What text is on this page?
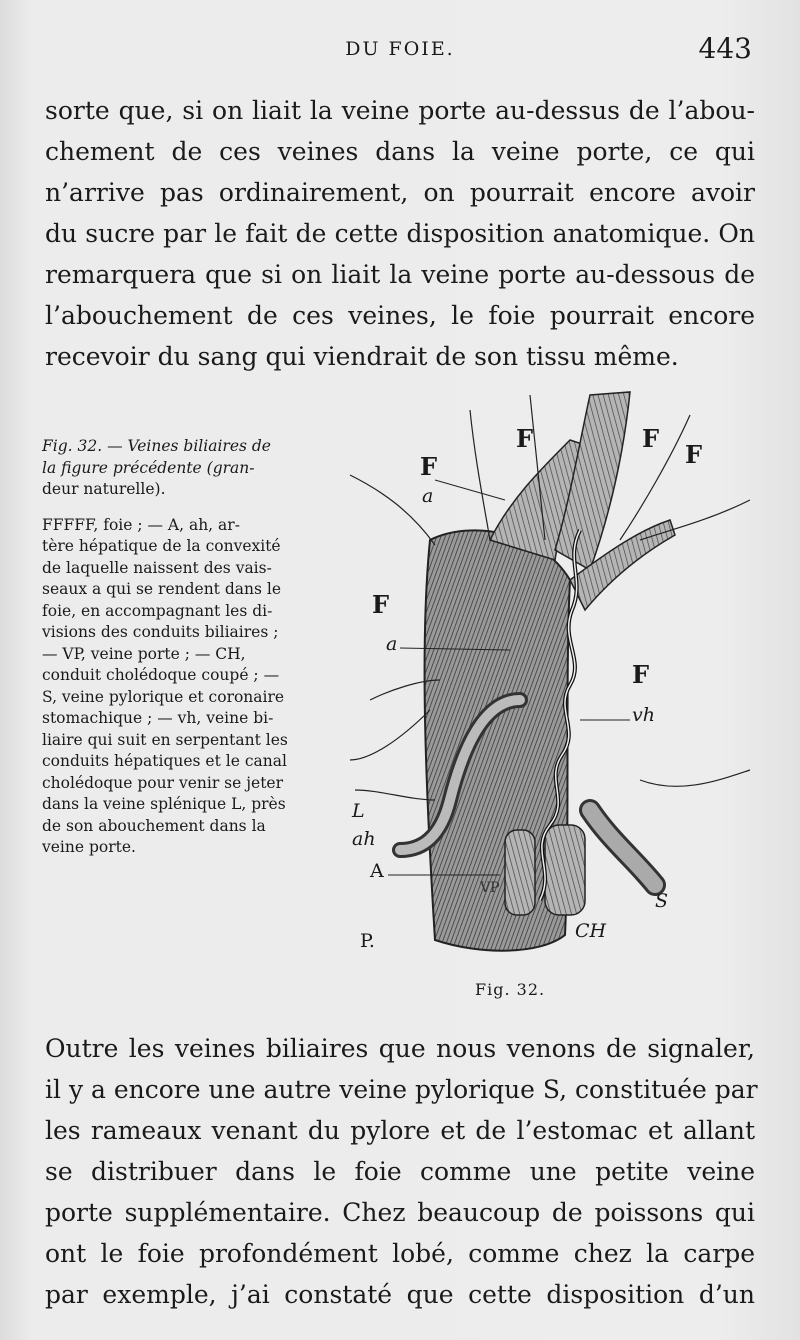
DU FOIE.	443
sorte que, si on liait la veine porte au-dessus de l’abou-
chement de ces veines dans la veine porte, ce qui
n’arrive pas ordinairement, on pourrait encore avoir
du sucre par le fait de cette disposition anatomique. On
remarquera que si on liait la veine porte au-dessous de
l’abouchement de ces veines, le foie pourrait encore
recevoir du sang qui viendrait de son tissu même.
Fig. 32. — Veines biliaires de
la figure précédente (gran-
deur naturelle).
FFFFF, foie ; — A, ah, ar-
tère hépatique de la convexité
de laquelle naissent des vais-
seaux a qui se rendent dans le
foie, en accompagnant les di-
visions des conduits biliaires ;
— VP, veine porte ; — CH,
conduit cholédoque coupé ; —
S, veine pylorique et coronaire
stomachique ; — vh, veine bi-
liaire qui suit en serpentant les
conduits hépatiques et le canal
cholédoque pour venir se jeter
dans la veine splénique L, près
de son abouchement dans la
veine porte.
F	F
F
F
F
F
a
a
vh
L
ah
A
VP
P.	CH
S
Fig. 32.
Outre les veines biliaires que nous venons de signaler,
il y a encore une autre veine pylorique S, constituée par
les rameaux venant du pylore et de l’estomac et allant
se distribuer dans le foie comme une petite veine
porte supplémentaire. Chez beaucoup de poissons qui
ont le foie profondément lobé, comme chez la carpe
par exemple, j’ai constaté que cette disposition d’un
